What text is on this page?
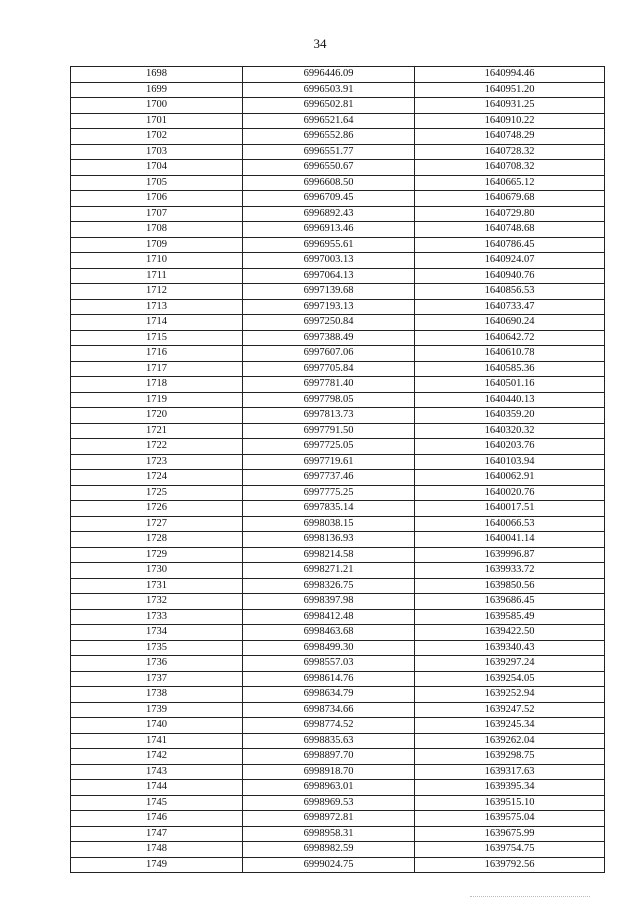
34
1698	6996446.09	1640994.46
1699	6996503.91	1640951.20
1700	6996502.81	1640931.25
1701	6996521.64	1640910.22
1702	6996552.86	1640748.29
1703	6996551.77	1640728.32
1704	6996550.67	1640708.32
1705	6996608.50	1640665.12
1706	6996709.45	1640679.68
1707	6996892.43	1640729.80
1708	6996913.46	1640748.68
1709	6996955.61	1640786.45
1710	6997003.13	1640924.07
1711	6997064.13	1640940.76
1712	6997139.68	1640856.53
1713	6997193.13	1640733.47
1714	6997250.84	1640690.24
1715	6997388.49	1640642.72
1716	6997607.06	1640610.78
1717	6997705.84	1640585.36
1718	6997781.40	1640501.16
1719	6997798.05	1640440.13
1720	6997813.73	1640359.20
1721	6997791.50	1640320.32
1722	6997725.05	1640203.76
1723	6997719.61	1640103.94
1724	6997737.46	1640062.91
1725	6997775.25	1640020.76
1726	6997835.14	1640017.51
1727	6998038.15	1640066.53
1728	6998136.93	1640041.14
1729	6998214.58	1639996.87
1730	6998271.21	1639933.72
1731	6998326.75	1639850.56
1732	6998397.98	1639686.45
1733	6998412.48	1639585.49
1734	6998463.68	1639422.50
1735	6998499.30	1639340.43
1736	6998557.03	1639297.24
1737	6998614.76	1639254.05
1738	6998634.79	1639252.94
1739	6998734.66	1639247.52
1740	6998774.52	1639245.34
1741	6998835.63	1639262.04
1742	6998897.70	1639298.75
1743	6998918.70	1639317.63
1744	6998963.01	1639395.34
1745	6998969.53	1639515.10
1746	6998972.81	1639575.04
1747	6998958.31	1639675.99
1748	6998982.59	1639754.75
1749	6999024.75	1639792.56
